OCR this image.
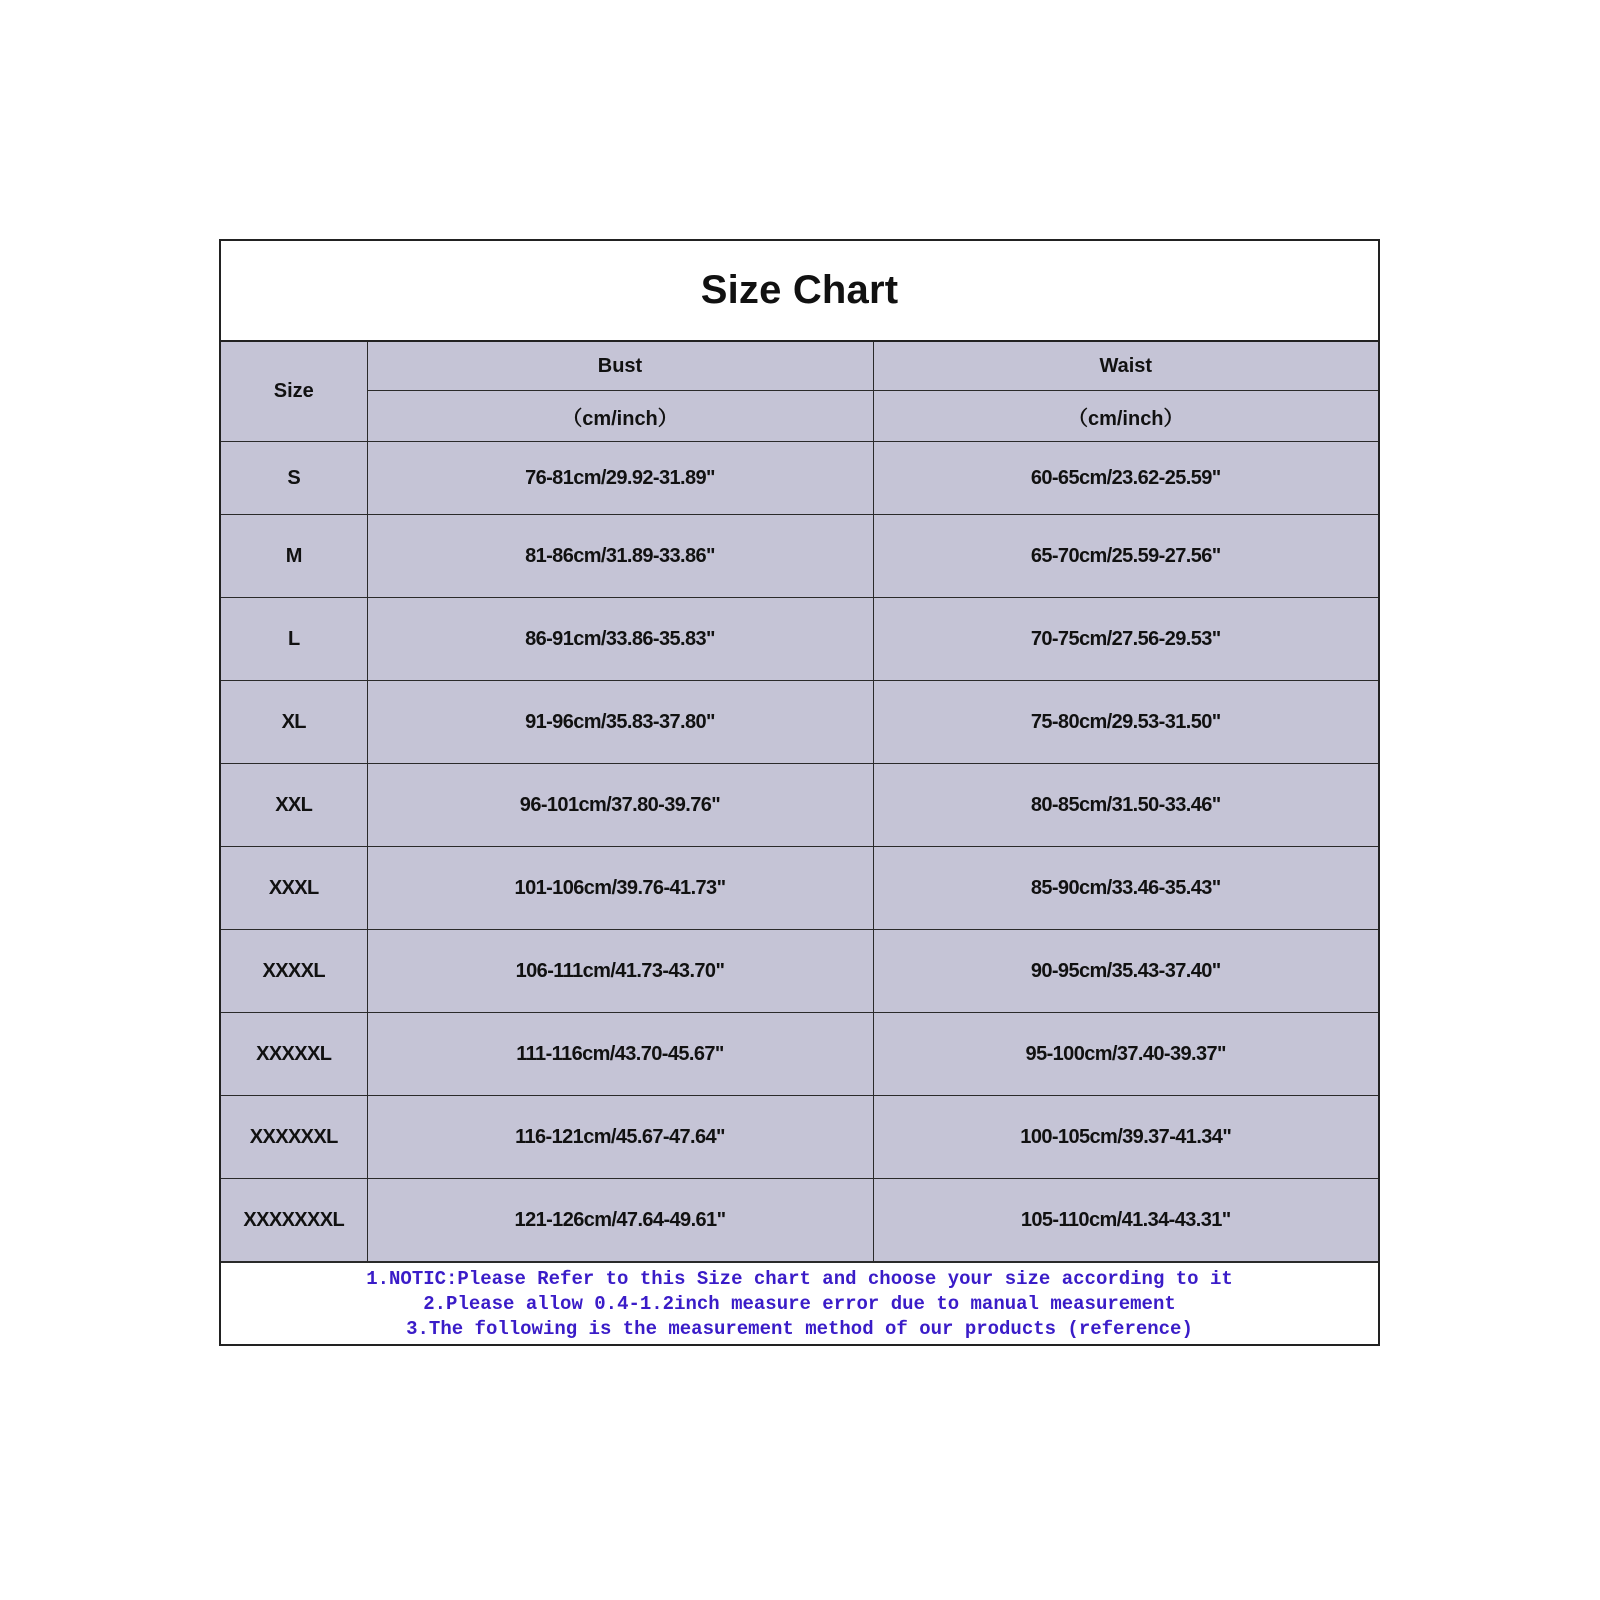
Size Chart
Size	Bust	Waist
	（cm/inch）	（cm/inch）
S	76-81cm/29.92-31.89"	60-65cm/23.62-25.59"
M	81-86cm/31.89-33.86"	65-70cm/25.59-27.56"
L	86-91cm/33.86-35.83"	70-75cm/27.56-29.53"
XL	91-96cm/35.83-37.80"	75-80cm/29.53-31.50"
XXL	96-101cm/37.80-39.76"	80-85cm/31.50-33.46"
XXXL	101-106cm/39.76-41.73"	85-90cm/33.46-35.43"
XXXXL	106-111cm/41.73-43.70"	90-95cm/35.43-37.40"
XXXXXL	111-116cm/43.70-45.67"	95-100cm/37.40-39.37"
XXXXXXL	116-121cm/45.67-47.64"	100-105cm/39.37-41.34"
XXXXXXXL	121-126cm/47.64-49.61"	105-110cm/41.34-43.31"
1.NOTIC:Please Refer to this Size chart and choose your size according to it
2.Please allow 0.4-1.2inch measure error due to manual measurement
3.The following is the measurement method of our products (reference)
